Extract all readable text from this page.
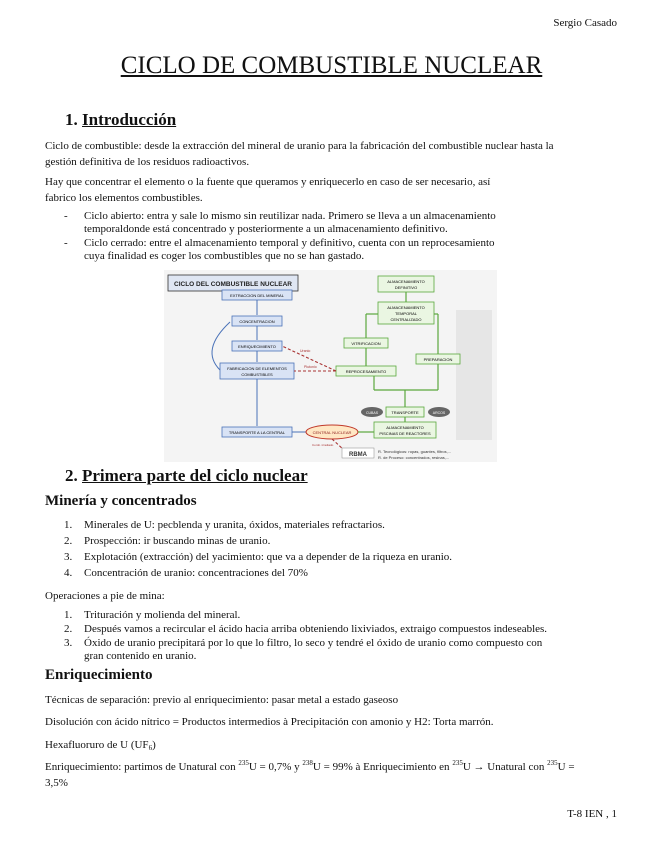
Sergio Casado
CICLO DE COMBUSTIBLE NUCLEAR
1. Introducción
Ciclo de combustible: desde la extracción del mineral de uranio para la fabricación del combustible nuclear hasta la
gestión definitiva de los residuos radioactivos.
Hay que concentrar el elemento o la fuente que queramos y enriquecerlo en caso de ser necesario, así
fabrico los elementos combustibles.
- Ciclo abierto: entra y sale lo mismo sin reutilizar nada. Primero se lleva a un almacenamiento
temporaldonde está concentrado y posteriormente a un almacenamiento definitivo.
- Ciclo cerrado: entre el almacenamiento temporal y definitivo, cuenta con un reprocesamiento
cuya finalidad es coger los combustibles que no se han gastado.
CICLO DEL COMBUSTIBLE NUCLEAR
EXTRACCION DEL MINERAL
CONCENTRACION
ENRIQUECIMIENTO
FABRICACION DE ELEMENTOS
COMBUSTIBLES
TRANSPORTE A LA CENTRAL	CENTRAL NUCLEAR
REPROCESAMIENTO
VITRIFICACION
PREPARACION
ALMACENAMIENTO
DEFINITIVO
ALMACENAMIENTO
TEMPORAL
CENTRALIZADO
TRANSPORTE
ALMACENAMIENTO
PISCINAS DE REACTORES
CUBAS	ARCOS
Uranio
Plutonio
Comb. irradiado
RBMA
R. Tecnológicos: ropas, guantes, filtros,...
R. de Proceso: concentrados, resinas,...
2. Primera parte del ciclo nuclear
Minería y concentrados
1. Minerales de U: pecblenda y uranita, óxidos, materiales refractarios.
2. Prospección: ir buscando minas de uranio.
3. Explotación (extracción) del yacimiento: que va a depender de la riqueza en uranio.
4. Concentración de uranio: concentraciones del 70%
Operaciones a pie de mina:
1. Trituración y molienda del mineral.
2. Después vamos a recircular el ácido hacia arriba obteniendo lixiviados, extraigo compuestos indeseables.
3. Óxido de uranio precipitará por lo que lo filtro, lo seco y tendré el óxido de uranio como compuesto con
gran contenido en uranio.
Enriquecimiento
Técnicas de separación: previo al enriquecimiento: pasar metal a estado gaseoso
Disolución con ácido nítrico = Productos intermedios à Precipitación con amonio y H2: Torta marrón.
Hexafluoruro de U $(UF_6)$
Enriquecimiento: partimos de Unatural con $^{235}$U = 0,7% y $^{238}$U = 99% à Enriquecimiento en $^{235}$U → Unatural con $^{235}$U =
3,5%
T-8 IEN , 1
